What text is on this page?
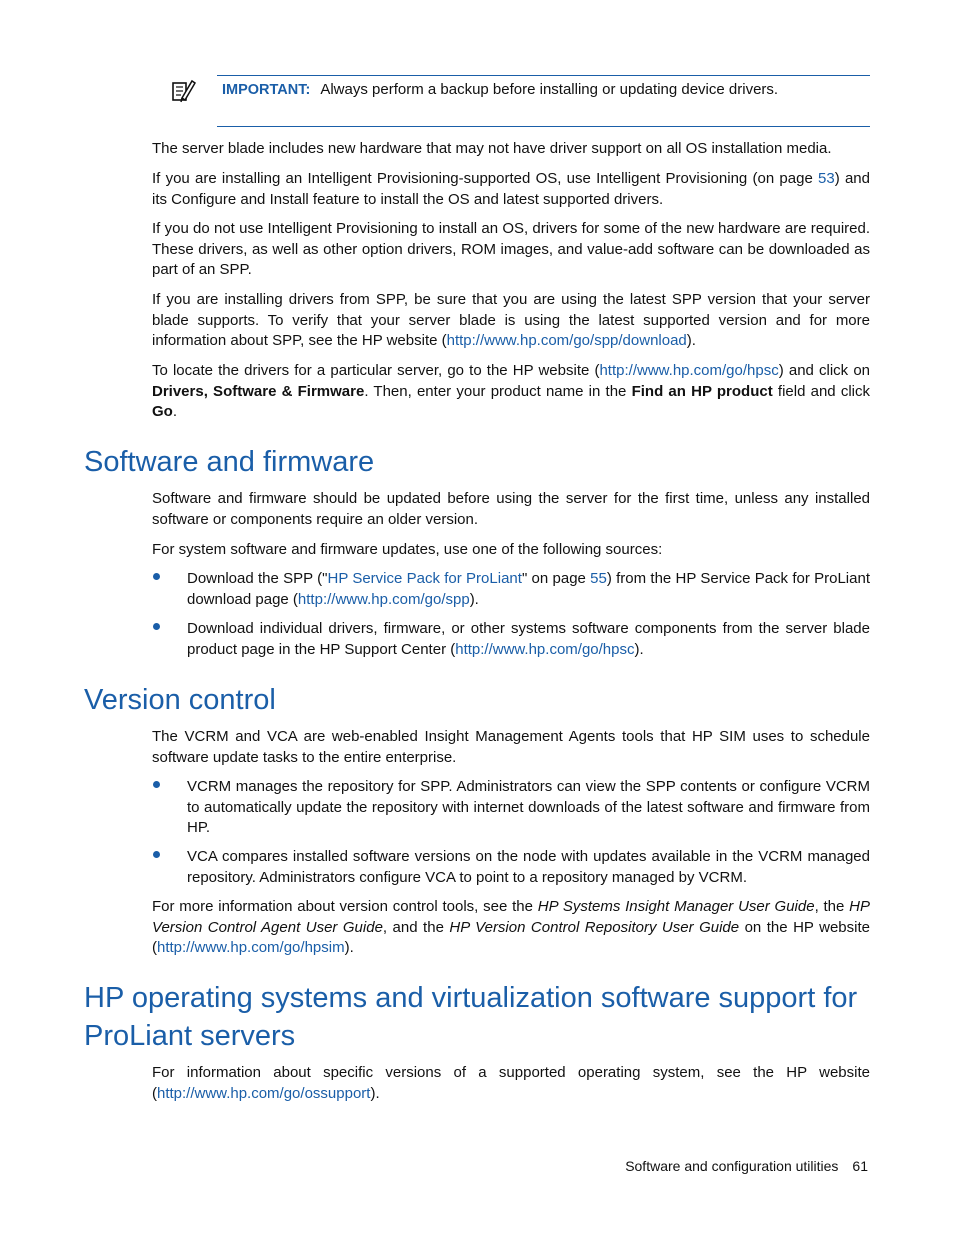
IMPORTANT: Always perform a backup before installing or updating device drivers.

The server blade includes new hardware that may not have driver support on all OS installation media.

If you are installing an Intelligent Provisioning-supported OS, use Intelligent Provisioning (on page 53) and its Configure and Install feature to install the OS and latest supported drivers.

If you do not use Intelligent Provisioning to install an OS, drivers for some of the new hardware are required. These drivers, as well as other option drivers, ROM images, and value-add software can be downloaded as part of an SPP.

If you are installing drivers from SPP, be sure that you are using the latest SPP version that your server blade supports. To verify that your server blade is using the latest supported version and for more information about SPP, see the HP website (http://www.hp.com/go/spp/download).

To locate the drivers for a particular server, go to the HP website (http://www.hp.com/go/hpsc) and click on Drivers, Software & Firmware. Then, enter your product name in the Find an HP product field and click Go.

Software and firmware

Software and firmware should be updated before using the server for the first time, unless any installed software or components require an older version.

For system software and firmware updates, use one of the following sources:

Download the SPP ("HP Service Pack for ProLiant" on page 55) from the HP Service Pack for ProLiant download page (http://www.hp.com/go/spp).

Download individual drivers, firmware, or other systems software components from the server blade product page in the HP Support Center (http://www.hp.com/go/hpsc).

Version control

The VCRM and VCA are web-enabled Insight Management Agents tools that HP SIM uses to schedule software update tasks to the entire enterprise.

VCRM manages the repository for SPP. Administrators can view the SPP contents or configure VCRM to automatically update the repository with internet downloads of the latest software and firmware from HP.

VCA compares installed software versions on the node with updates available in the VCRM managed repository. Administrators configure VCA to point to a repository managed by VCRM.

For more information about version control tools, see the HP Systems Insight Manager User Guide, the HP Version Control Agent User Guide, and the HP Version Control Repository User Guide on the HP website (http://www.hp.com/go/hpsim).

HP operating systems and virtualization software support for
ProLiant servers

For information about specific versions of a supported operating system, see the HP website (http://www.hp.com/go/ossupport).

Software and configuration utilities 61
